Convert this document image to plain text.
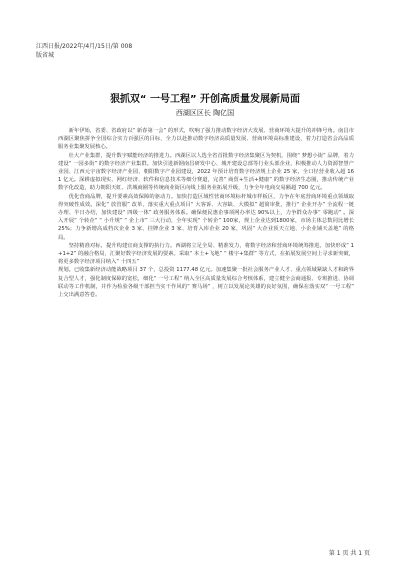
江西日报/2022年/4月/15日/第 008
版省城
狠抓双“ 一号工程” 开创高质量发展新局面
西湖区区长 陶亿国

新年伊始，省委、省政府以“ 新春第一会” 的形式，吹响了强力推动数字经济大发展、营商环境大提升的冲锋号角。南昌市西湖区聚焦拼争全国综合实力百强区的目标，全力以赴推动数字经济高质量发展、营商环境高标准建设，着力打造省会高品质服务业集聚发展核心。

壮大产业集群，提升数字赋能经济的推进力。西湖区以人选全省首批数字经济集聚区为契机，围绕“ 梦想小街” 品牌，着力建设“ 一园多街” 的数字经济产业集群。加快引进新钢南昌研发中心、城开建设总部等行业头部企业，积极推动人力资源智慧产业园、江西元宇宙数字经济产业园、朝阳数字产业园建设，2022 年预计培育数字经济规上企业 25 家，全口径营业收入超 161 亿元。深耕虚拟现实、网红经济、软件和信息技术等细分赛道，完善“ 商贸+生活+健康” 的数字经济生态圈，推动传统产业数字化改造，助力朝阳天虹、洪城商圈等传统商业街区向线上服务业拓展升级，力争全年电商交易额超 700 亿元。

优化营商品牌，提升要素高效保障的驱动力。加快打造区域性营商环境标杆城市样板区，力争在年底营商环境重点领域取得突破性成效。深化“ 放管服” 改革，落实重大重点项目“ 大客诉、大容缺、大模拟” 超简审批，推行“ 企业开办” 全流程一链办理、半日办结，加快建设“ 四级一体” 政务服务体系。确保便民惠企事项网办率达 90%以上，力争群众办事“ 零跑动” 。深入开展“ 个转企” “ 小升规” “ 企上市” 三大行动，全年实现“ 个转企” 100家，规上企业达到1800家，市场主体总数同比增长 25%；力争新增高成档次企业 3 家、挂牌企业 3 家、培育入库企业 20 家，巩固“ 大企业顶天立地、小企业铺天盖地” 的格局。

坚持精准对标，提升构建宜商支撑的执行力。西湖将立足全局、精准发力，将数字经济和营商环境统筹推进。加快形成“ 1+1+2” 的融合格局，汇聚好数字经济发展的要素。采取“ 本土+飞地” “ 楼宇+集群” 等方式，在拓展发展空间上寻求新突破，将更多数字经济项目纳入“ 十四五”

规划。已收集新经济动能战略项目 37 个，总投资 1177.48 亿元。加速集聚一批社会服务产业人才、重点领域紧缺人才和跨界复合型人才，强化制度保障的宽松，细化“ 一号工程” 纳入全区高质量发展综合考核体系，建立健全会商通报、专班推进、协调联动等工作机制，并作为检验各级干部担当实干作风的“ 赛马场” ，树立以发展论英雄的良好氛围，确保在落实双“ 一号工程” 上交出满意答卷。

第 1 页 共 1 页
